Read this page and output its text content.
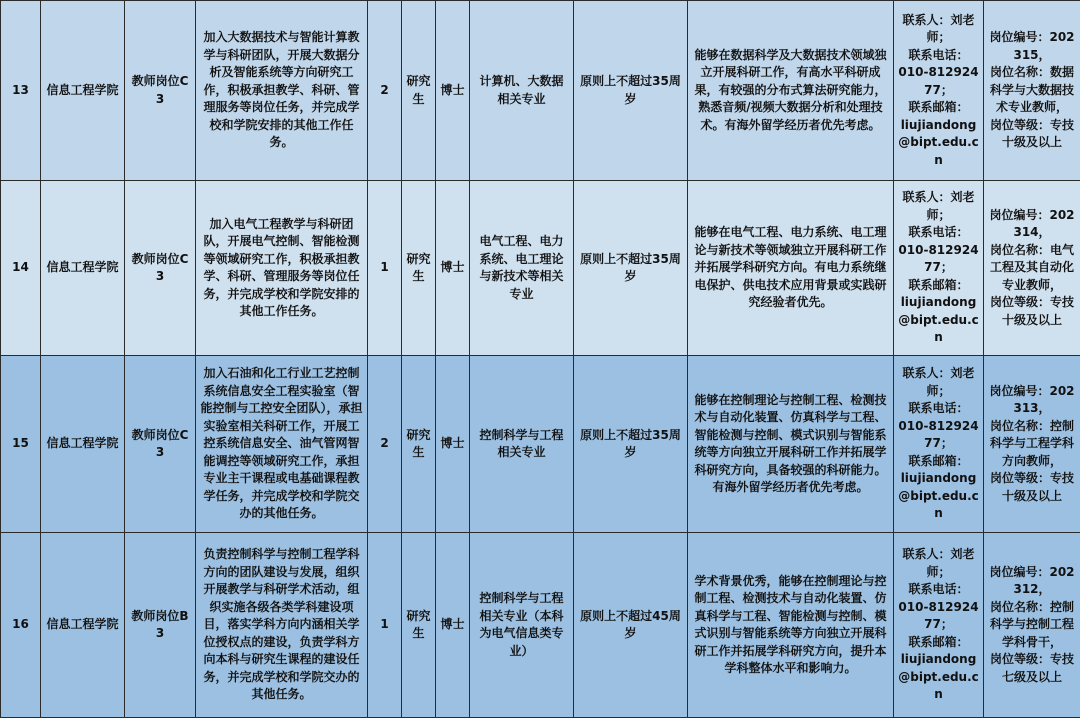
13	信息工程学院	教师岗位C3	加入大数据技术与智能计算教学与科研团队，开展大数据分析及智能系统等方向研究工作，积极承担教学、科研、管理服务等岗位任务，并完成学校和学院安排的其他工作任务。	2	研究生	博士	计算机、大数据相关专业	原则上不超过35周岁	能够在数据科学及大数据技术领域独立开展科研工作，有高水平科研成果，有较强的分布式算法研究能力，熟悉音频/视频大数据分析和处理技术。有海外留学经历者优先考虑。	联系人：刘老师；
联系电话：
010-81292477；
联系邮箱：
liujiandong@bipt.edu.cn	岗位编号：202315，
岗位名称：数据科学与大数据技术专业教师，
岗位等级：专技十级及以上

14	信息工程学院	教师岗位C3	加入电气工程教学与科研团队，开展电气控制、智能检测等领域研究工作，积极承担教学、科研、管理服务等岗位任务，并完成学校和学院安排的其他工作任务。	1	研究生	博士	电气工程、电力系统、电工理论与新技术等相关专业	原则上不超过35周岁	能够在电气工程、电力系统、电工理论与新技术等领域独立开展科研工作并拓展学科研究方向。有电力系统继电保护、供电技术应用背景或实践研究经验者优先。	联系人：刘老师；
联系电话：
010-81292477；
联系邮箱：
liujiandong@bipt.edu.cn	岗位编号：202314，
岗位名称：电气工程及其自动化专业教师，
岗位等级：专技十级及以上

15	信息工程学院	教师岗位C3	加入石油和化工行业工艺控制系统信息安全工程实验室（智能控制与工控安全团队），承担实验室相关科研工作，开展工控系统信息安全、油气管网智能调控等领域研究工作，承担专业主干课程或电基础课程教学任务，并完成学校和学院交办的其他任务。	2	研究生	博士	控制科学与工程相关专业	原则上不超过35周岁	能够在控制理论与控制工程、检测技术与自动化装置、仿真科学与工程、智能检测与控制、模式识别与智能系统等方向独立开展科研工作并拓展学科研究方向，具备较强的科研能力。有海外留学经历者优先考虑。	联系人：刘老师；
联系电话：
010-81292477；
联系邮箱：
liujiandong@bipt.edu.cn	岗位编号：202313，
岗位名称：控制科学与工程学科方向教师，
岗位等级：专技十级及以上

16	信息工程学院	教师岗位B3	负责控制科学与控制工程学科方向的团队建设与发展，组织开展教学与科研学术活动，组织实施各级各类学科建设项目，落实学科方向内涵相关学位授权点的建设，负责学科方向本科与研究生课程的建设任务，并完成学校和学院交办的其他任务。	1	研究生	博士	控制科学与工程相关专业（本科为电气信息类专业）	原则上不超过45周岁	学术背景优秀，能够在控制理论与控制工程、检测技术与自动化装置、仿真科学与工程、智能检测与控制、模式识别与智能系统等方向独立开展科研工作并拓展学科研究方向，提升本学科整体水平和影响力。	联系人：刘老师；
联系电话：
010-81292477；
联系邮箱：
liujiandong@bipt.edu.cn	岗位编号：202312，
岗位名称：控制科学与控制工程学科骨干，
岗位等级：专技七级及以上
